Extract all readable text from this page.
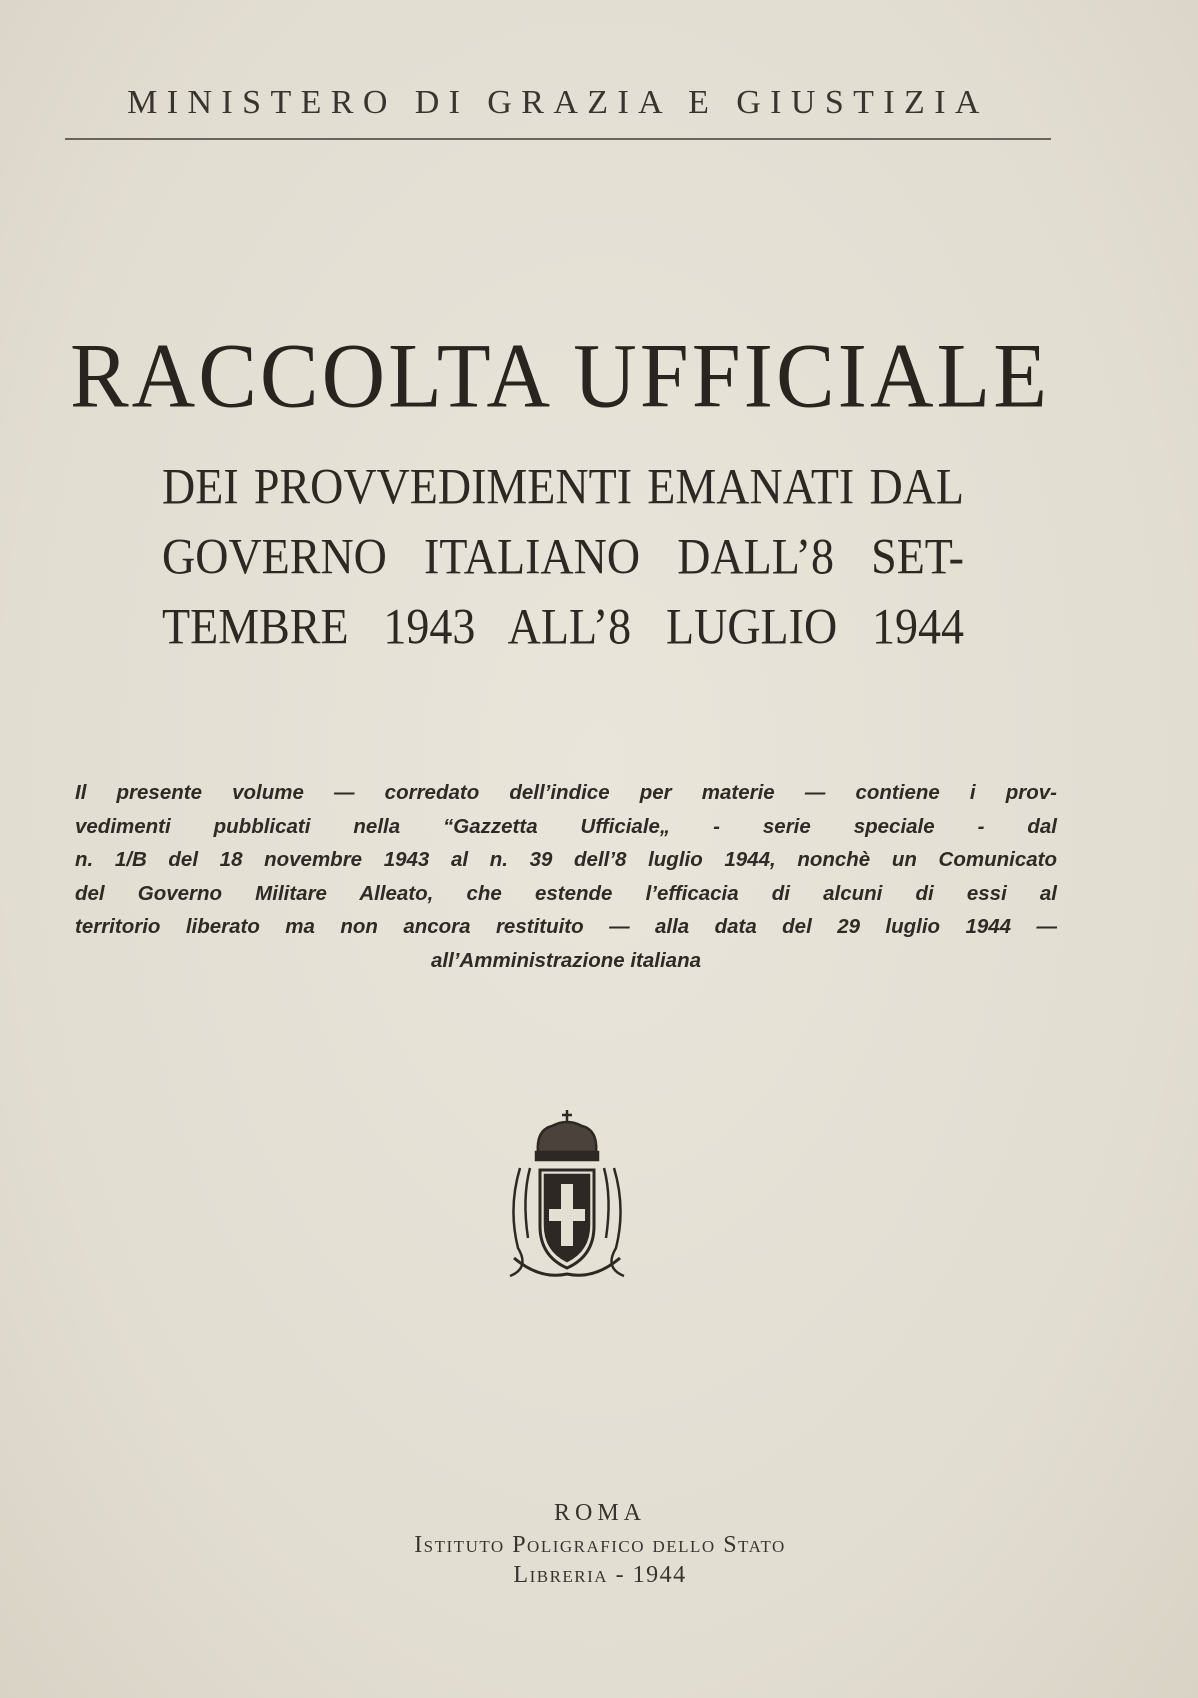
MINISTERO DI GRAZIA E GIUSTIZIA
RACCOLTA UFFICIALE
DEI PROVVEDIMENTI EMANATI DAL
GOVERNO ITALIANO DALL’8 SET-
TEMBRE 1943 ALL’8 LUGLIO 1944
Il presente volume — corredato dell’indice per materie — contiene i prov-
vedimenti pubblicati nella “Gazzetta Ufficiale„ - serie speciale - dal
n. 1/B del 18 novembre 1943 al n. 39 dell’8 luglio 1944, nonchè un Comunicato
del Governo Militare Alleato, che estende l’efficacia di alcuni di essi al
territorio liberato ma non ancora restituito — alla data del 29 luglio 1944 —
all’Amministrazione italiana
ROMA
Istituto Poligrafico dello Stato
Libreria - 1944
